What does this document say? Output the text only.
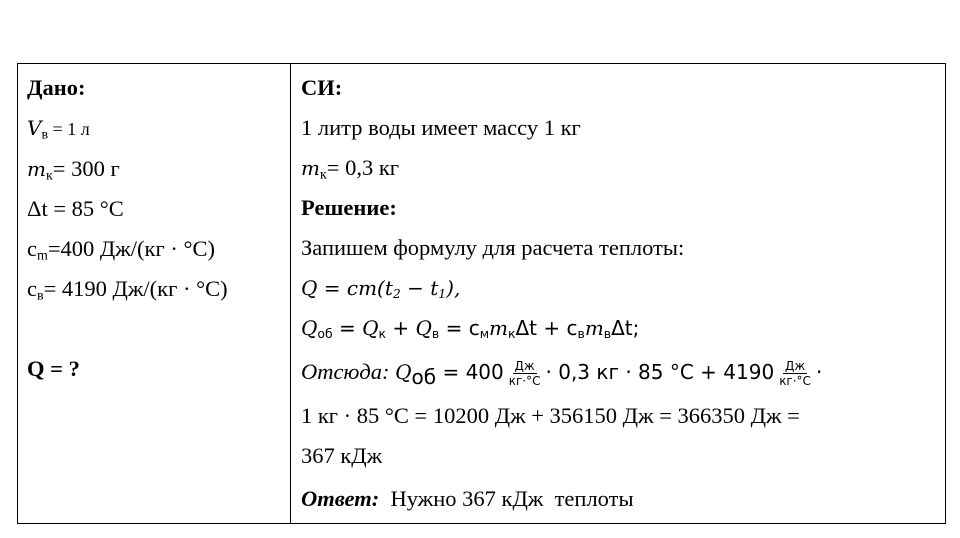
Дано:
$V_в = 1$ л
$m_к= 300$ г
Δt = 85 °C
$c_m=400$ Дж/(кг · °C)
$c_в= 4190$ Дж/(кг · °C)

Q = ?
СИ:
1 литр воды имеет массу 1 кг
$m_к= 0,3$ кг
Решение:
Запишем формулу для расчета теплоты:
$Q = cm(t_2 - t_1)$,
$Q_{об} = Q_к + Q_в = c_мm_к\Delta t + c_вm_в\Delta t$;
Отсюда: $Q_{об} = 400 \frac{Дж}{кг\cdot^\circ С} \cdot 0,3$ кг · 85 $^\circ С + 4190 \frac{Дж}{кг\cdot^\circ С}$ ·
1 кг · 85 °С = 10200 Дж + 356150 Дж = 366350 Дж =
367 кДж
Ответ:  Нужно 367 кДж  теплоты
